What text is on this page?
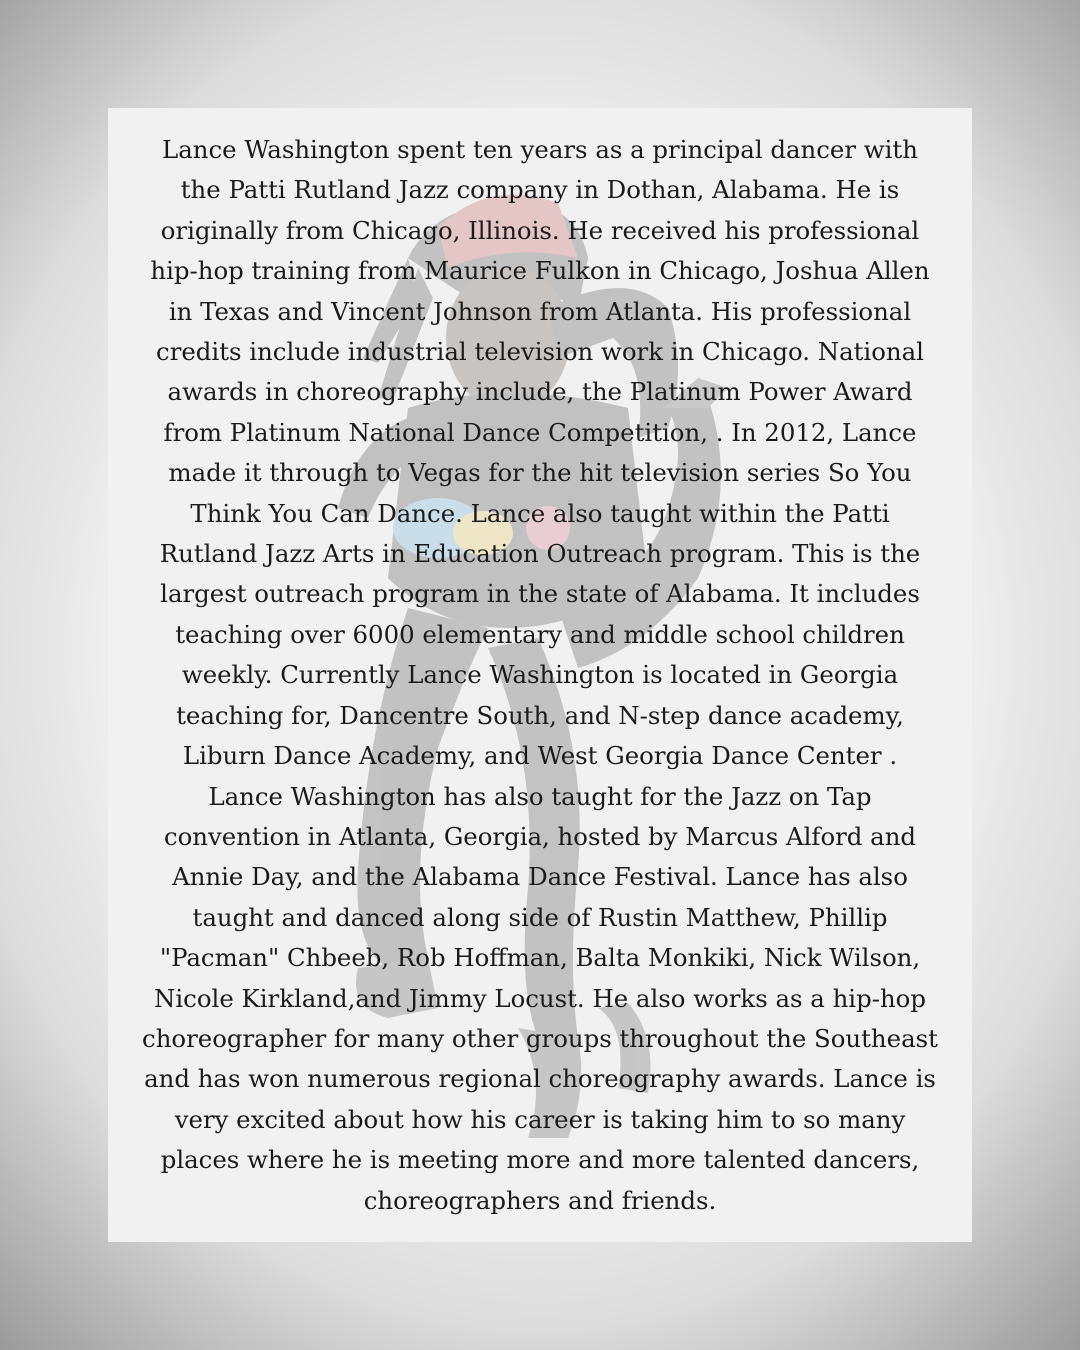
Lance Washington spent ten years as a principal dancer with
the Patti Rutland Jazz company in Dothan, Alabama. He is
originally from Chicago, Illinois. He received his professional
hip-hop training from Maurice Fulkon in Chicago, Joshua Allen
in Texas and Vincent Johnson from Atlanta. His professional
credits include industrial television work in Chicago. National
awards in choreography include, the Platinum Power Award
from Platinum National Dance Competition, . In 2012, Lance
made it through to Vegas for the hit television series So You
Think You Can Dance. Lance also taught within the Patti
Rutland Jazz Arts in Education Outreach program. This is the
largest outreach program in the state of Alabama. It includes
teaching over 6000 elementary and middle school children
weekly. Currently Lance Washington is located in Georgia
teaching for, Dancentre South, and N-step dance academy,
Liburn Dance Academy, and West Georgia Dance Center .
Lance Washington has also taught for the Jazz on Tap
convention in Atlanta, Georgia, hosted by Marcus Alford and
Annie Day, and the Alabama Dance Festival. Lance has also
taught and danced along side of Rustin Matthew, Phillip
"Pacman" Chbeeb, Rob Hoffman, Balta Monkiki, Nick Wilson,
Nicole Kirkland,and Jimmy Locust. He also works as a hip-hop
choreographer for many other groups throughout the Southeast
and has won numerous regional choreography awards. Lance is
very excited about how his career is taking him to so many
places where he is meeting more and more talented dancers,
choreographers and friends.
